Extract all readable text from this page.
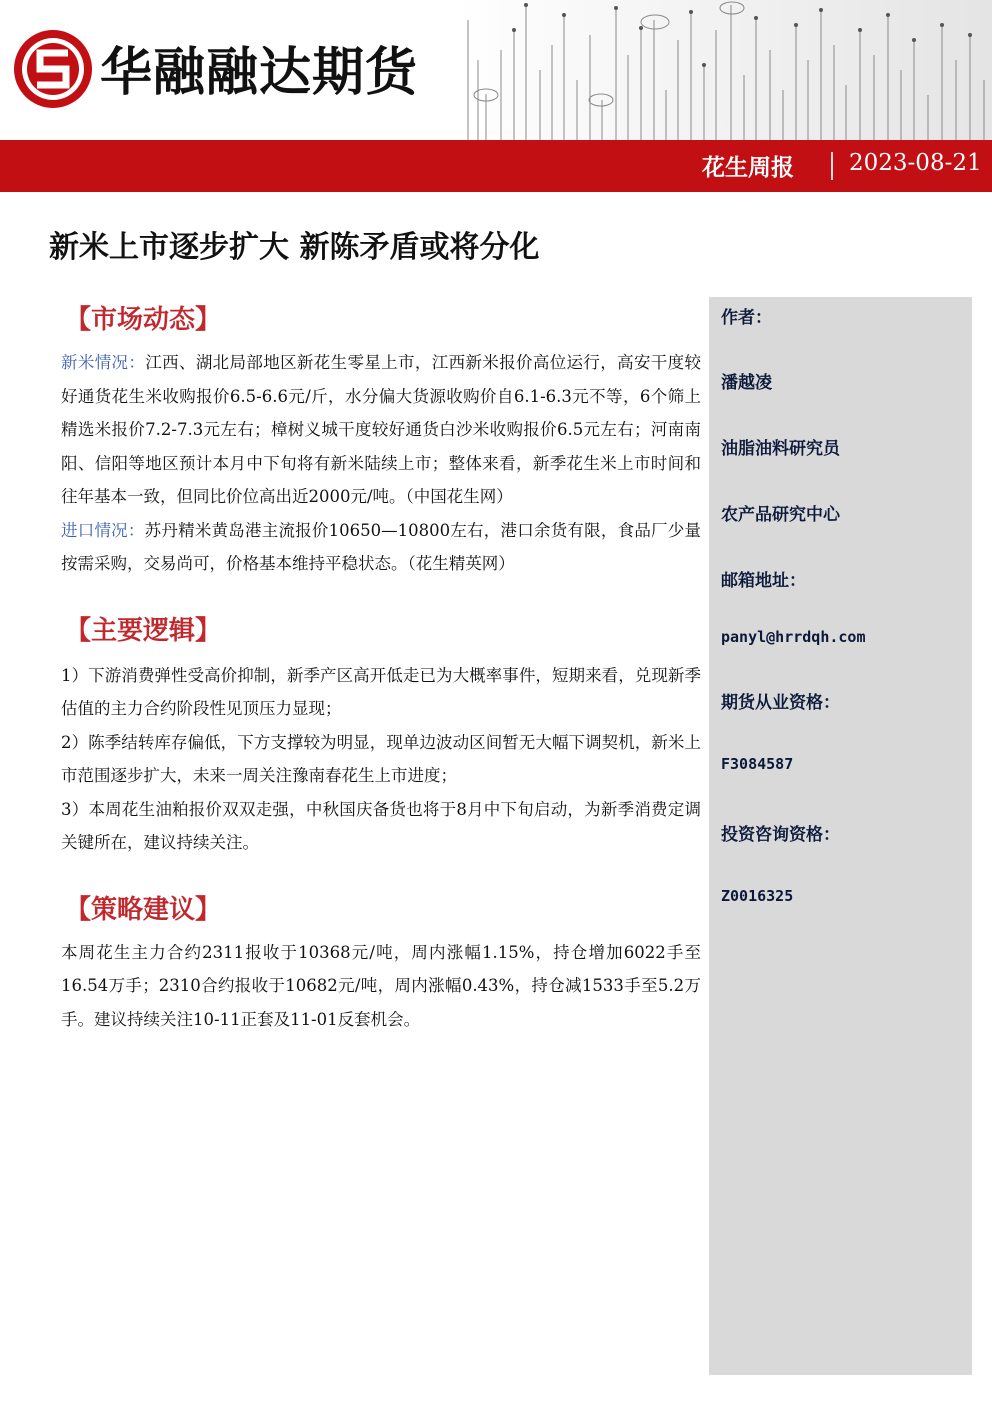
华融融达期货
花生周报 2023-08-21
新米上市逐步扩大 新陈矛盾或将分化
【市场动态】
新米情况：江西、湖北局部地区新花生零星上市，江西新米报价高位运行，高安干度较好通货花生米收购报价6.5-6.6元/斤，水分偏大货源收购价自6.1-6.3元不等，6个筛上精选米报价7.2-7.3元左右；樟树义城干度较好通货白沙米收购报价6.5元左右；河南南阳、信阳等地区预计本月中下旬将有新米陆续上市；整体来看，新季花生米上市时间和往年基本一致，但同比价位高出近2000元/吨。（中国花生网）
进口情况：苏丹精米黄岛港主流报价10650—10800左右，港口余货有限，食品厂少量按需采购，交易尚可，价格基本维持平稳状态。（花生精英网）
【主要逻辑】
1）下游消费弹性受高价抑制，新季产区高开低走已为大概率事件，短期来看，兑现新季估值的主力合约阶段性见顶压力显现；
2）陈季结转库存偏低，下方支撑较为明显，现单边波动区间暂无大幅下调契机，新米上市范围逐步扩大，未来一周关注豫南春花生上市进度；
3）本周花生油粕报价双双走强，中秋国庆备货也将于8月中下旬启动，为新季消费定调关键所在，建议持续关注。
【策略建议】
本周花生主力合约2311报收于10368元/吨，周内涨幅1.15%，持仓增加6022手至16.54万手；2310合约报收于10682元/吨，周内涨幅0.43%，持仓减1533手至5.2万手。建议持续关注10-11正套及11-01反套机会。
作者：
潘越凌
油脂油料研究员
农产品研究中心
邮箱地址：
panyl@hrrdqh.com
期货从业资格：
F3084587
投资咨询资格：
Z0016325
